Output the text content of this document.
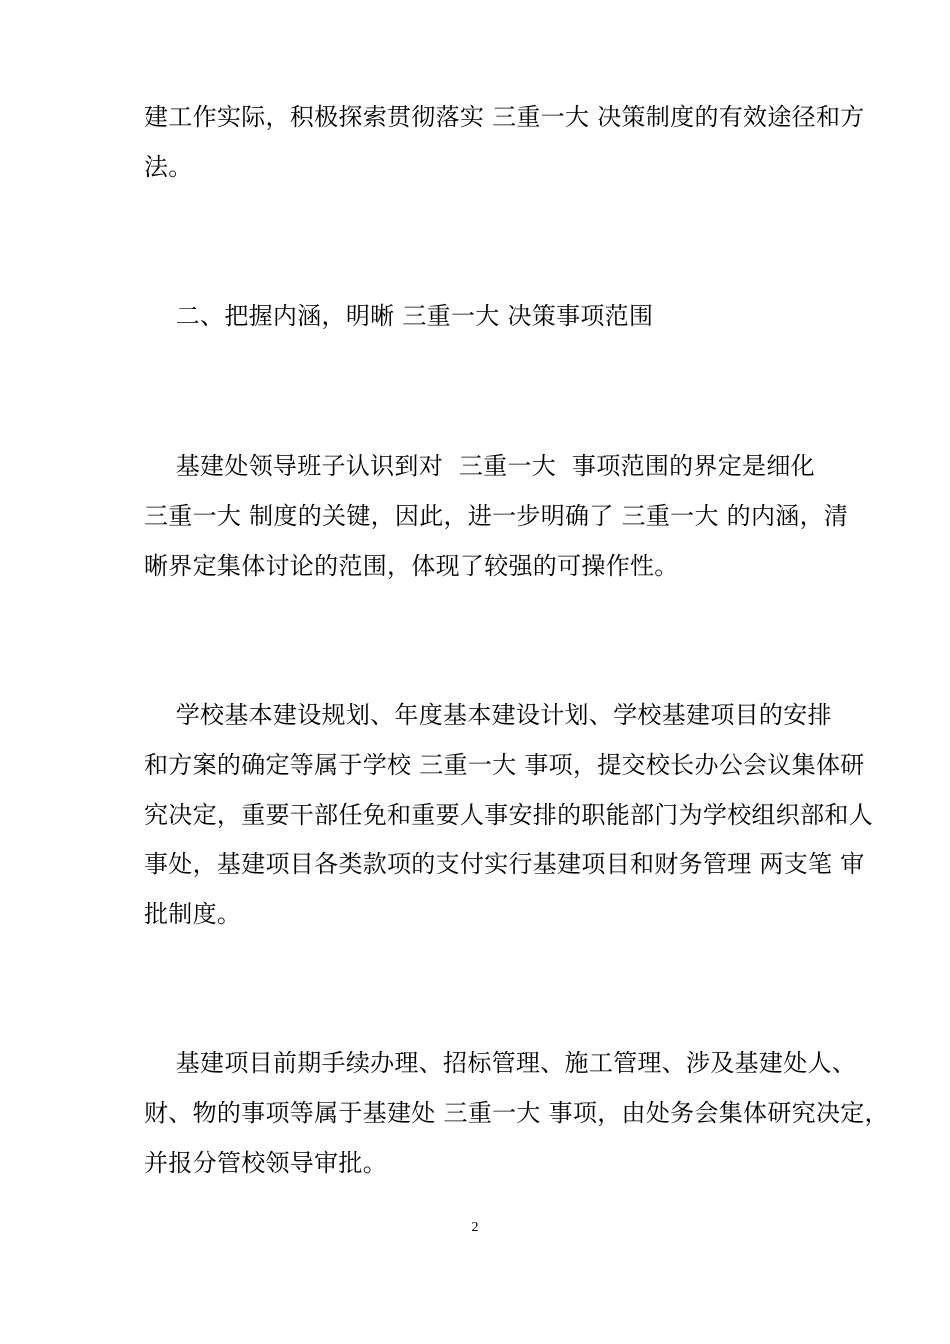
建工作实际，积极探索贯彻落实 三重一大 决策制度的有效途径和方
法。
二、把握内涵，明晰 三重一大 决策事项范围
基建处领导班子认识到对  三重一大  事项范围的界定是细化
三重一大 制度的关键，因此，进一步明确了 三重一大 的内涵，清
晰界定集体讨论的范围，体现了较强的可操作性。
学校基本建设规划、年度基本建设计划、学校基建项目的安排
和方案的确定等属于学校 三重一大 事项，提交校长办公会议集体研
究决定，重要干部任免和重要人事安排的职能部门为学校组织部和人
事处，基建项目各类款项的支付实行基建项目和财务管理 两支笔 审
批制度。
基建项目前期手续办理、招标管理、施工管理、涉及基建处人、
财、物的事项等属于基建处 三重一大 事项，由处务会集体研究决定，
并报分管校领导审批。
2
